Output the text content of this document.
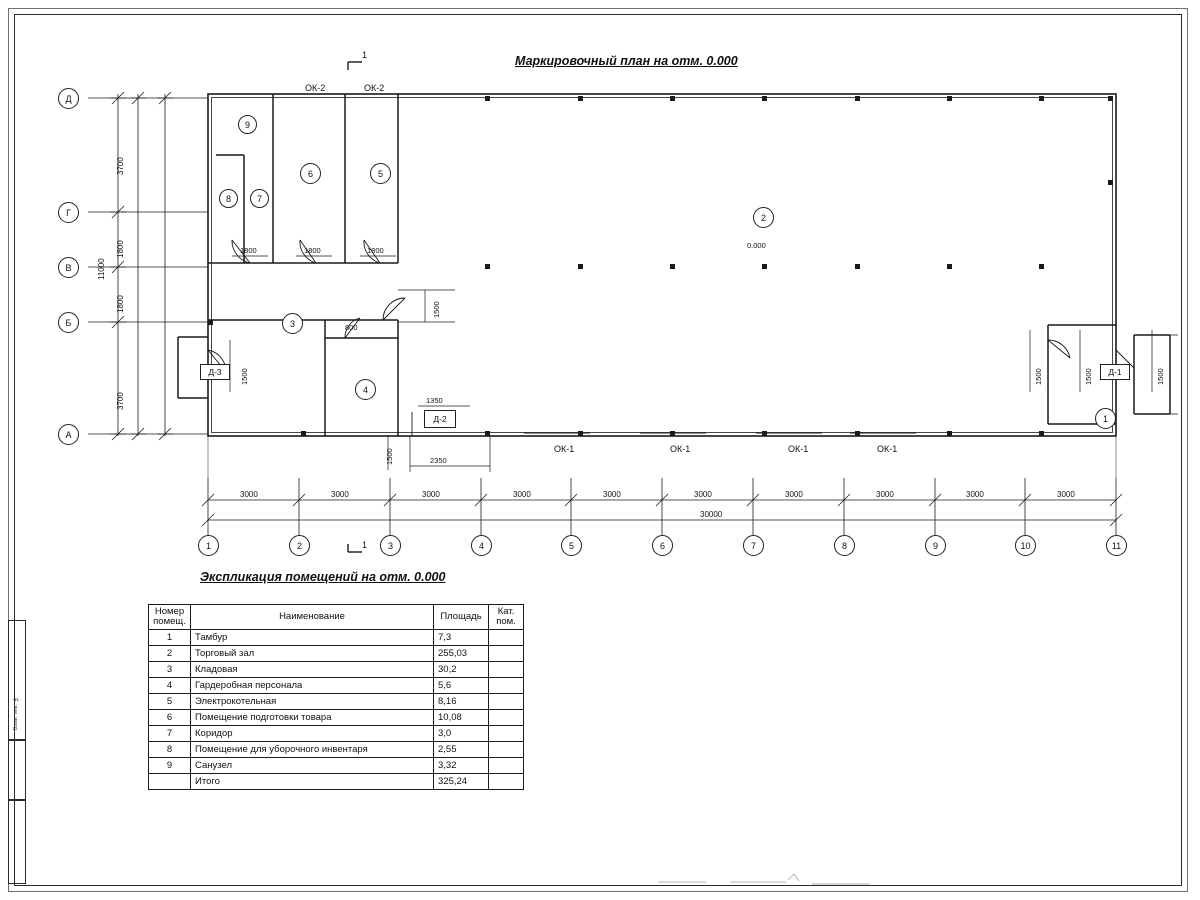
Взам. инв. №
Маркировочный план на отм. 0.000
Экспликация помещений на отм. 0.000
1
1
Д
Г
В
Б
А
3700
1800
1800
3700
11000
1	2	3	4	5	6	7	8	9	10	11
3000	3000	3000	3000	3000	3000	3000	3000	3000	3000
30000
9
8	7
6	5
2
3
4
1
0.000
ОК-2	ОК-2
ОК-1	ОК-1	ОК-1	ОК-1
Д-3
Д-2
Д-1
1800	1800	1800
800
1500
1500
1500
1350
2350
1500	1500	1500
Номер
помещ.	Наименование	Площадь	Кат.
пом.

1	Тамбур	7,3	
2	Торговый зал	255,03	
3	Кладовая	30,2	
4	Гардеробная персонала	5,6	
5	Электрокотельная	8,16	
6	Помещение подготовки товара	10,08	
7	Коридор	3,0	
8	Помещение для уборочного инвентаря	2,55	
9	Санузел	3,32	
	Итого	325,24	
